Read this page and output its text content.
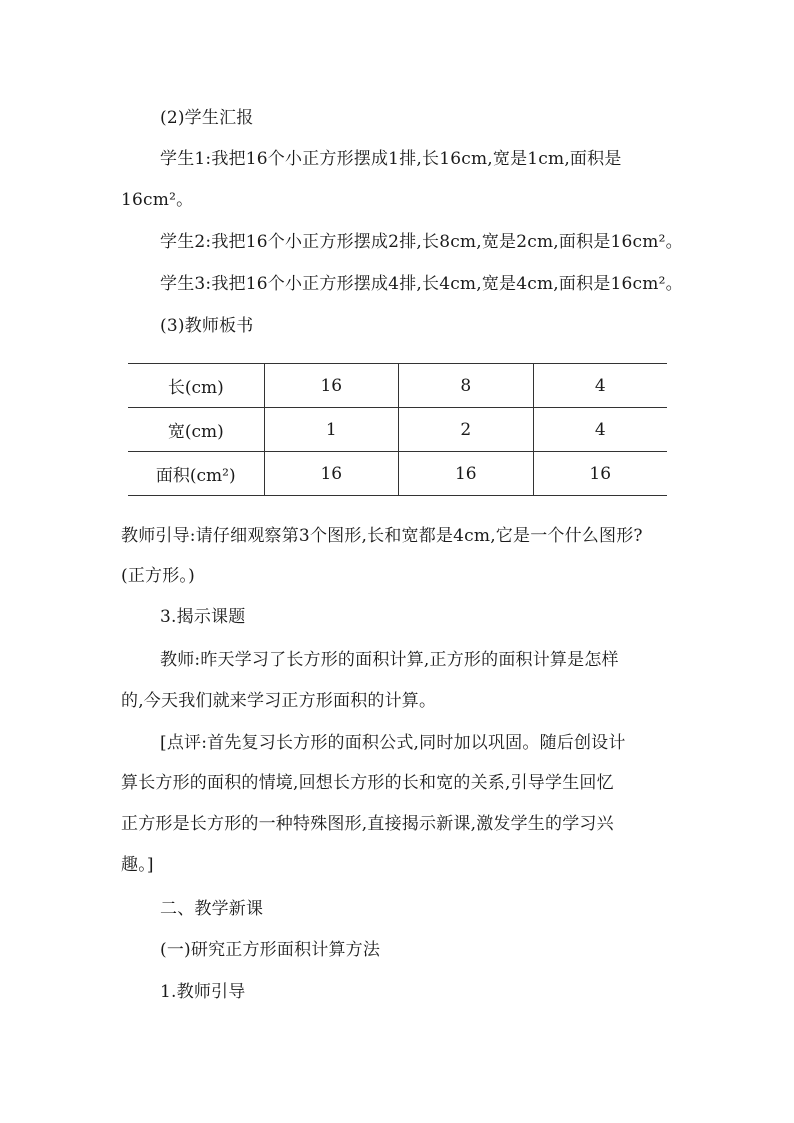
(2)学生汇报
学生1:我把16个小正方形摆成1排,长16cm,宽是1cm,面积是
16cm²。
学生2:我把16个小正方形摆成2排,长8cm,宽是2cm,面积是16cm²。
学生3:我把16个小正方形摆成4排,长4cm,宽是4cm,面积是16cm²。
(3)教师板书
长(cm)	16	8	4
宽(cm)	1	2	4
面积(cm²)	16	16	16
教师引导:请仔细观察第3个图形,长和宽都是4cm,它是一个什么图形?
(正方形。)
3.揭示课题
教师:昨天学习了长方形的面积计算,正方形的面积计算是怎样
的,今天我们就来学习正方形面积的计算。
[点评:首先复习长方形的面积公式,同时加以巩固。随后创设计
算长方形的面积的情境,回想长方形的长和宽的关系,引导学生回忆
正方形是长方形的一种特殊图形,直接揭示新课,激发学生的学习兴
趣。]
二、教学新课
(一)研究正方形面积计算方法
1.教师引导
